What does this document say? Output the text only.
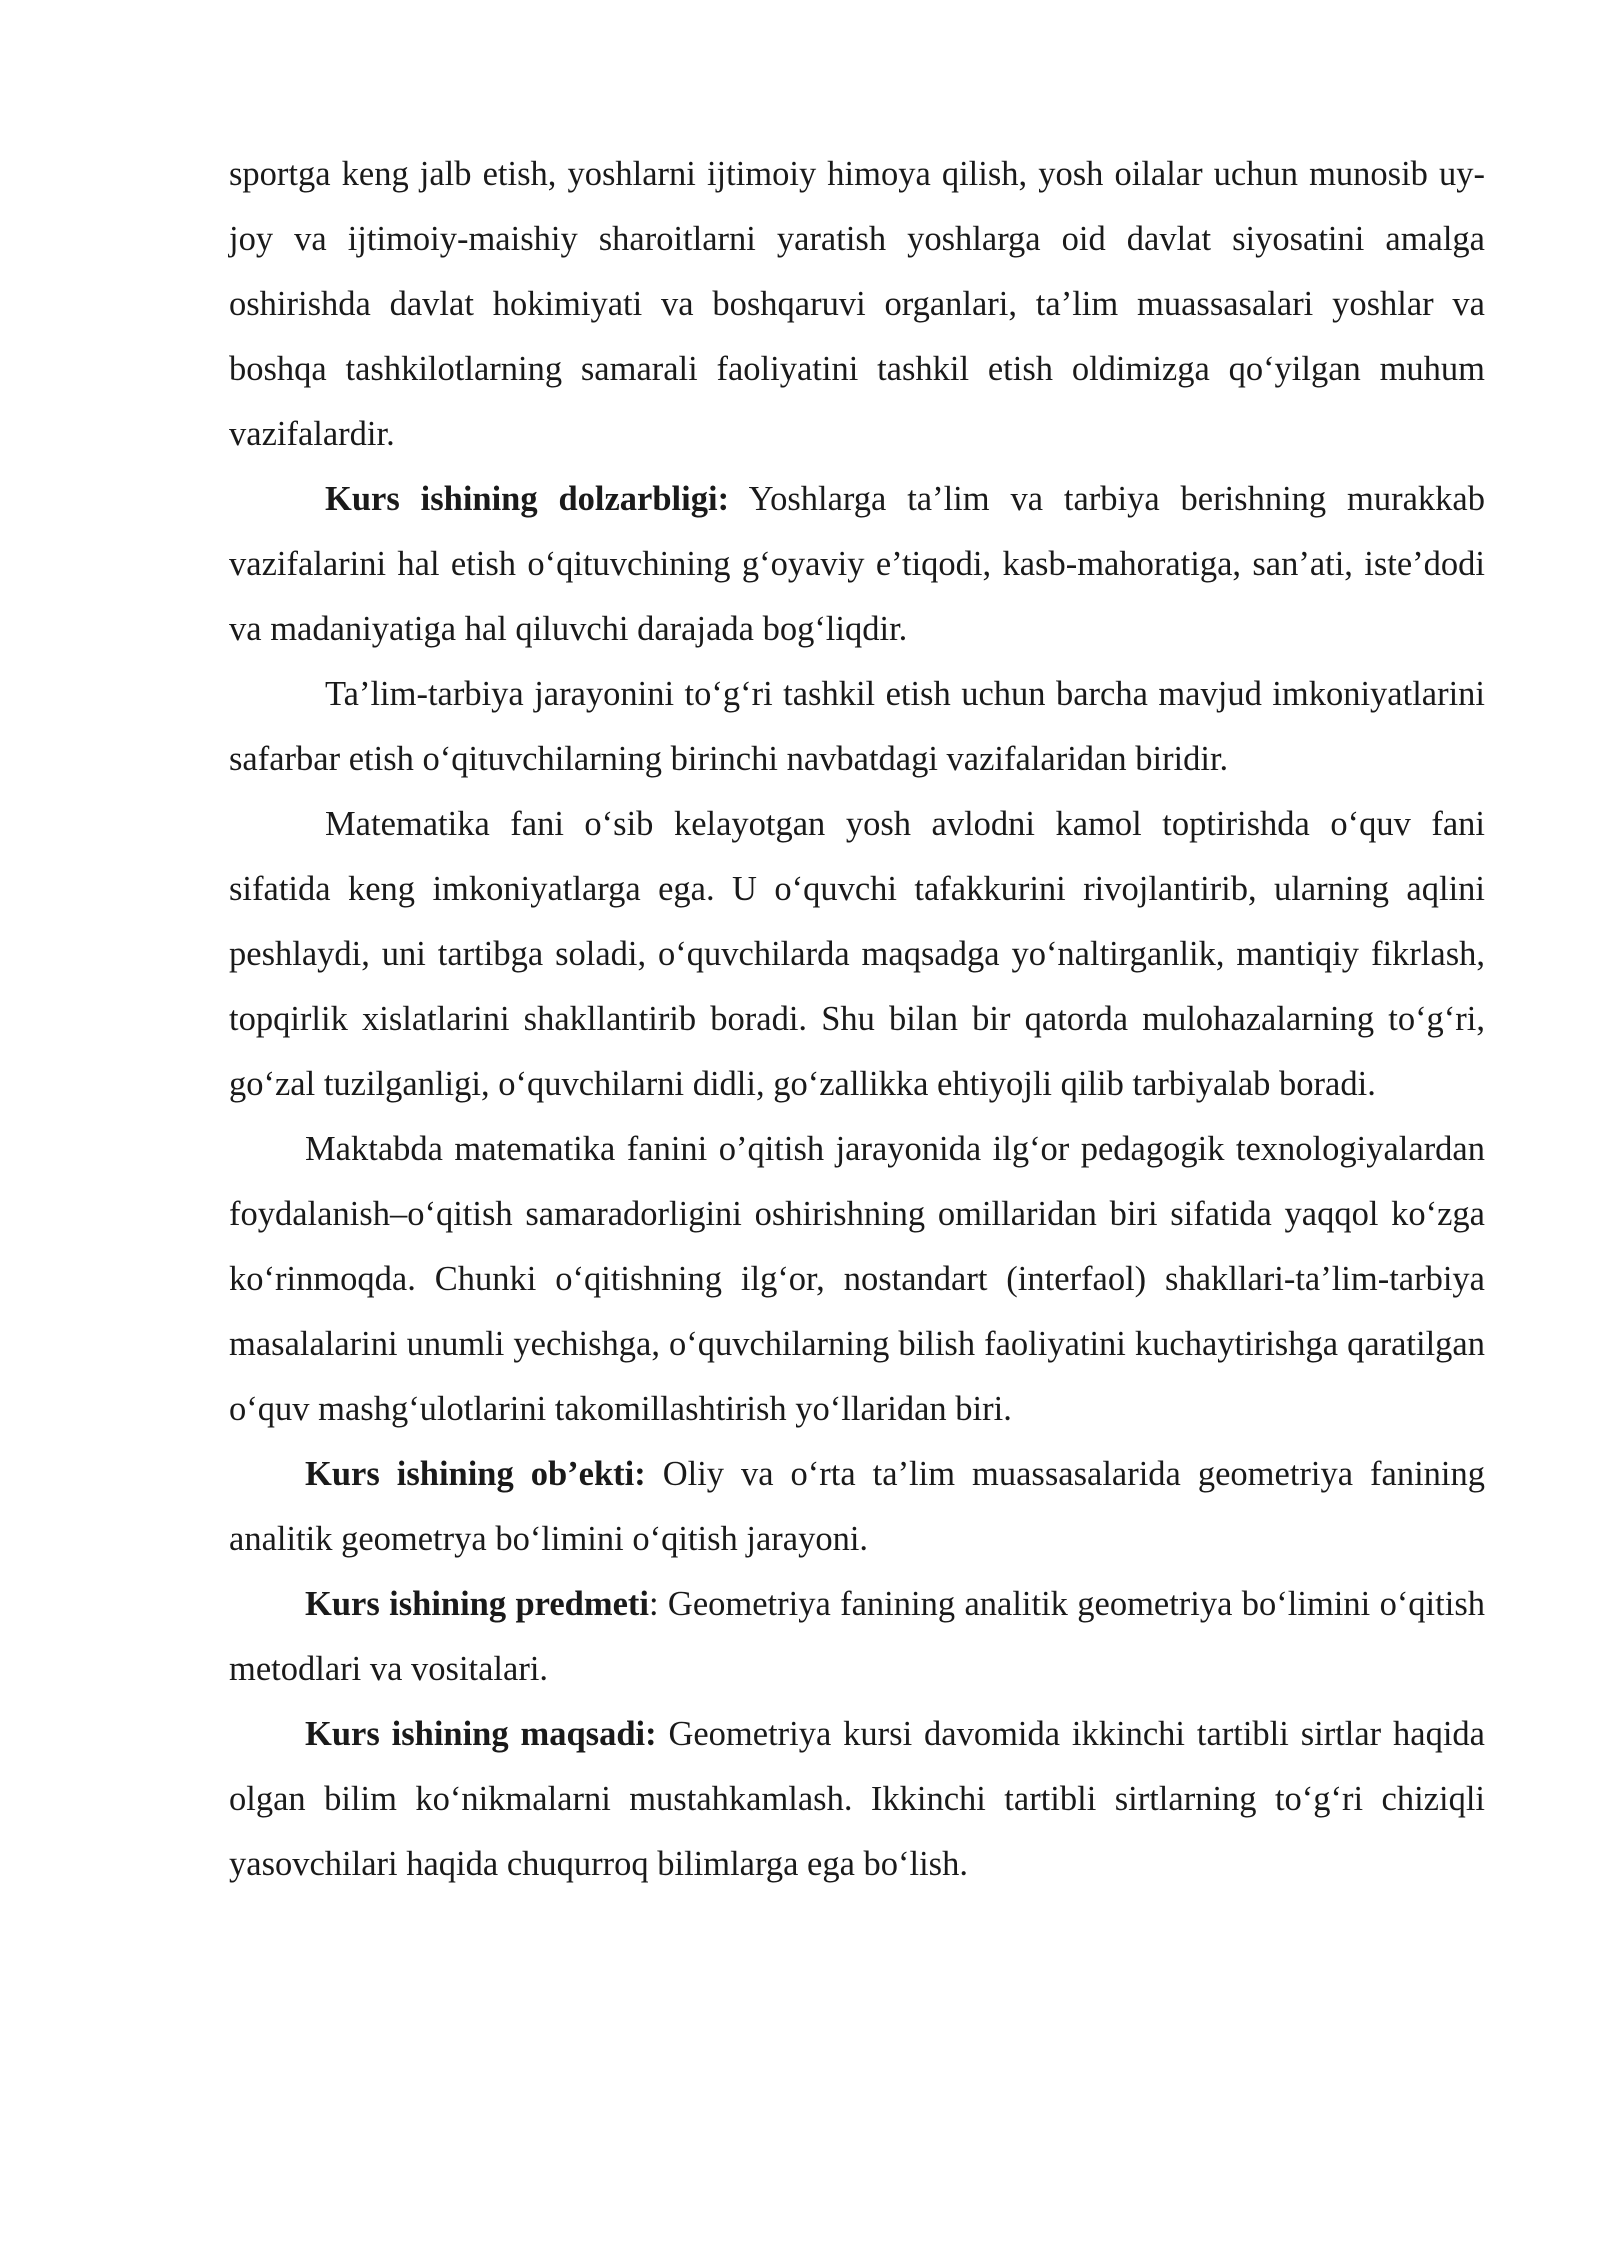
sportga keng jalb etish, yoshlarni ijtimoiy himoya qilish, yosh oilalar uchun munosib uy-joy va ijtimoiy-maishiy sharoitlarni yaratish yoshlarga oid davlat siyosatini amalga oshirishda davlat hokimiyati va boshqaruvi organlari, ta’lim muassasalari yoshlar va boshqa tashkilotlarning samarali faoliyatini tashkil etish oldimizga qo‘yilgan muhum vazifalardir.

Kurs ishining dolzarbligi: Yoshlarga ta’lim va tarbiya berishning murakkab vazifalarini hal etish o‘qituvchining g‘oyaviy e’tiqodi, kasb-mahoratiga, san’ati, iste’dodi va madaniyatiga hal qiluvchi darajada bog‘liqdir.

Ta’lim-tarbiya jarayonini to‘g‘ri tashkil etish uchun barcha mavjud imkoniyatlarini safarbar etish o‘qituvchilarning birinchi navbatdagi vazifalaridan biridir.

Matematika fani o‘sib kelayotgan yosh avlodni kamol toptirishda o‘quv fani sifatida keng imkoniyatlarga ega. U o‘quvchi tafakkurini rivojlantirib, ularning aqlini peshlaydi, uni tartibga soladi, o‘quvchilarda maqsadga yo‘naltirganlik, mantiqiy fikrlash, topqirlik xislatlarini shakllantirib boradi. Shu bilan bir qatorda mulohazalarning to‘g‘ri, go‘zal tuzilganligi, o‘quvchilarni didli, go‘zallikka ehtiyojli qilib tarbiyalab boradi.

Maktabda matematika fanini o’qitish jarayonida ilg‘or pedagogik texnologiyalardan foydalanish–o‘qitish samaradorligini oshirishning omillaridan biri sifatida yaqqol ko‘zga ko‘rinmoqda. Chunki o‘qitishning ilg‘or, nostandart (interfaol) shakllari-ta’lim-tarbiya masalalarini unumli yechishga, o‘quvchilarning bilish faoliyatini kuchaytirishga qaratilgan o‘quv mashg‘ulotlarini takomillashtirish yo‘llaridan biri.

Kurs ishining ob’ekti: Oliy va o‘rta ta’lim muassasalarida geometriya fanining analitik geometrya bo‘limini o‘qitish jarayoni.

Kurs ishining predmeti: Geometriya fanining analitik geometriya bo‘limini o‘qitish metodlari va vositalari.

Kurs ishining maqsadi: Geometriya kursi davomida ikkinchi tartibli sirtlar haqida olgan bilim ko‘nikmalarni mustahkamlash. Ikkinchi tartibli sirtlarning to‘g‘ri chiziqli yasovchilari haqida chuqurroq bilimlarga ega bo‘lish.
